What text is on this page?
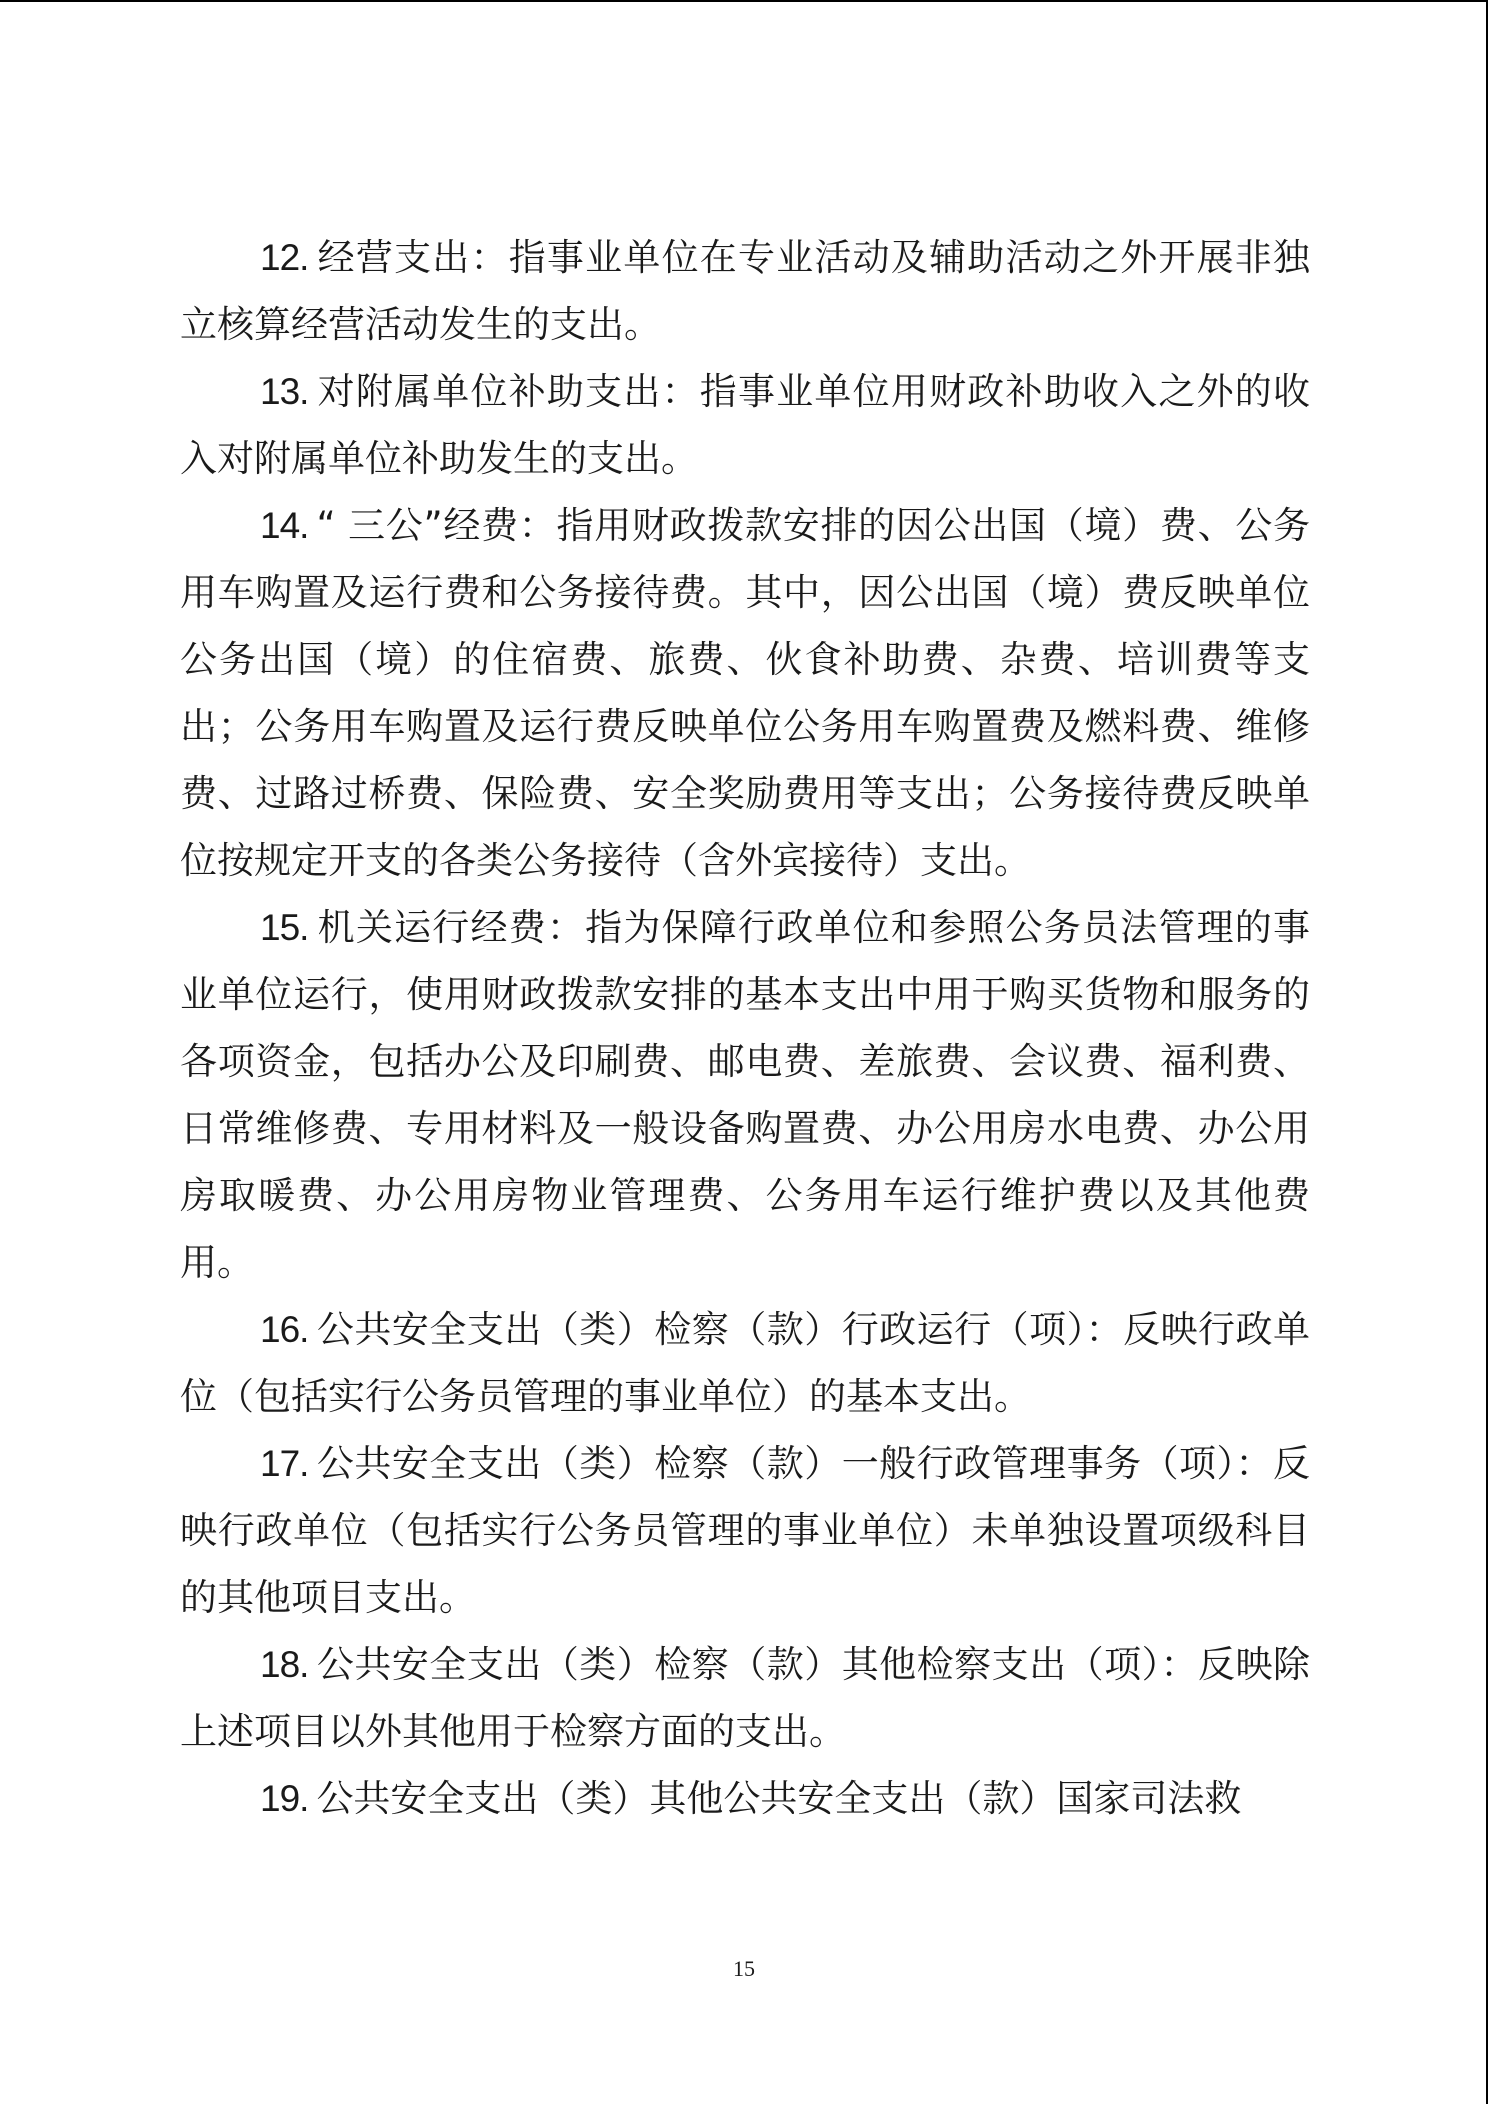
12. 经营支出：指事业单位在专业活动及辅助活动之外开展非独立核算经营活动发生的支出。

13. 对附属单位补助支出：指事业单位用财政补助收入之外的收入对附属单位补助发生的支出。

14. “ 三公”经费：指用财政拨款安排的因公出国（境）费、公务用车购置及运行费和公务接待费。其中，因公出国（境）费反映单位公务出国（境）的住宿费、旅费、伙食补助费、杂费、培训费等支出；公务用车购置及运行费反映单位公务用车购置费及燃料费、维修费、过路过桥费、保险费、安全奖励费用等支出；公务接待费反映单位按规定开支的各类公务接待（含外宾接待）支出。

15. 机关运行经费：指为保障行政单位和参照公务员法管理的事业单位运行，使用财政拨款安排的基本支出中用于购买货物和服务的各项资金，包括办公及印刷费、邮电费、差旅费、会议费、福利费、日常维修费、专用材料及一般设备购置费、办公用房水电费、办公用房取暖费、办公用房物业管理费、公务用车运行维护费以及其他费用。

16. 公共安全支出（类）检察（款）行政运行（项）：反映行政单位（包括实行公务员管理的事业单位）的基本支出。

17. 公共安全支出（类）检察（款）一般行政管理事务（项）：反映行政单位（包括实行公务员管理的事业单位）未单独设置项级科目的其他项目支出。

18. 公共安全支出（类）检察（款）其他检察支出（项）：反映除上述项目以外其他用于检察方面的支出。

19. 公共安全支出（类）其他公共安全支出（款）国家司法救

15
